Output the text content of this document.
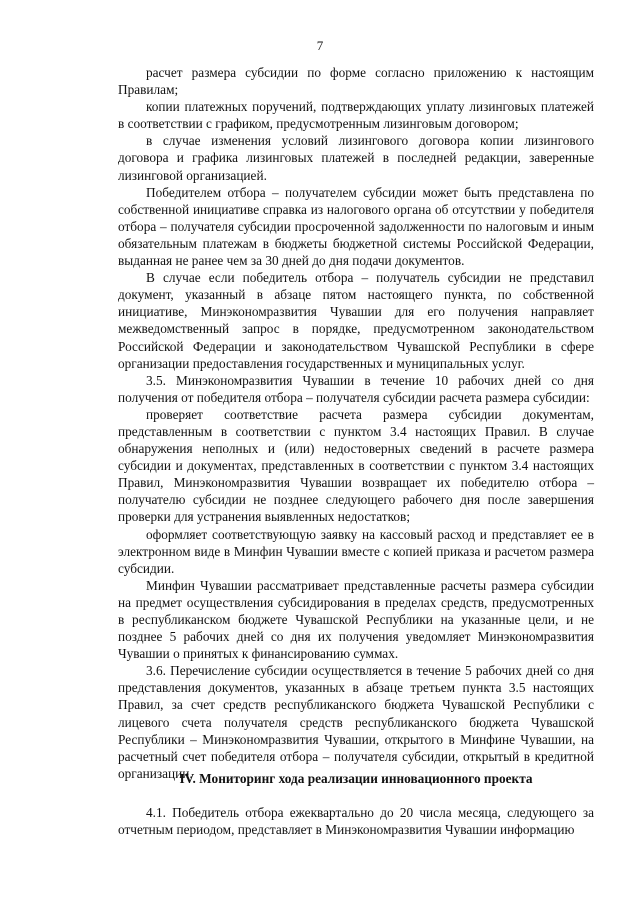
7

расчет размера субсидии по форме согласно приложению к настоящим Правилам;

копии платежных поручений, подтверждающих уплату лизинговых платежей в соответствии с графиком, предусмотренным лизинговым договором;

в случае изменения условий лизингового договора копии лизингового договора и графика лизинговых платежей в последней редакции, заверенные лизинговой организацией.

Победителем отбора – получателем субсидии может быть представлена по собственной инициативе справка из налогового органа об отсутствии у победителя отбора – получателя субсидии просроченной задолженности по налоговым и иным обязательным платежам в бюджеты бюджетной системы Российской Федерации, выданная не ранее чем за 30 дней до дня подачи документов.

В случае если победитель отбора – получатель субсидии не представил документ, указанный в абзаце пятом настоящего пункта, по собственной инициативе, Минэкономразвития Чувашии для его получения направляет межведомственный запрос в порядке, предусмотренном законодательством Российской Федерации и законодательством Чувашской Республики в сфере организации предоставления государственных и муниципальных услуг.

3.5. Минэкономразвития Чувашии в течение 10 рабочих дней со дня получения от победителя отбора – получателя субсидии расчета размера субсидии:

проверяет соответствие расчета размера субсидии документам, представленным в соответствии с пунктом 3.4 настоящих Правил. В случае обнаружения неполных и (или) недостоверных сведений в расчете размера субсидии и документах, представленных в соответствии с пунктом 3.4 настоящих Правил, Минэкономразвития Чувашии возвращает их победителю отбора – получателю субсидии не позднее следующего рабочего дня после завершения проверки для устранения выявленных недостатков;

оформляет соответствующую заявку на кассовый расход и представляет ее в электронном виде в Минфин Чувашии вместе с копией приказа и расчетом размера субсидии.

Минфин Чувашии рассматривает представленные расчеты размера субсидии на предмет осуществления субсидирования в пределах средств, предусмотренных в республиканском бюджете Чувашской Республики на указанные цели, и не позднее 5 рабочих дней со дня их получения уведомляет Минэкономразвития Чувашии о принятых к финансированию суммах.

3.6. Перечисление субсидии осуществляется в течение 5 рабочих дней со дня представления документов, указанных в абзаце третьем пункта 3.5 настоящих Правил, за счет средств республиканского бюджета Чувашской Республики с лицевого счета получателя средств республиканского бюджета Чувашской Республики – Минэкономразвития Чувашии, открытого в Минфине Чувашии, на расчетный счет победителя отбора – получателя субсидии, открытый в кредитной организации.

IV. Мониторинг хода реализации инновационного проекта

4.1. Победитель отбора ежеквартально до 20 числа месяца, следующего за отчетным периодом, представляет в Минэкономразвития Чувашии информацию
